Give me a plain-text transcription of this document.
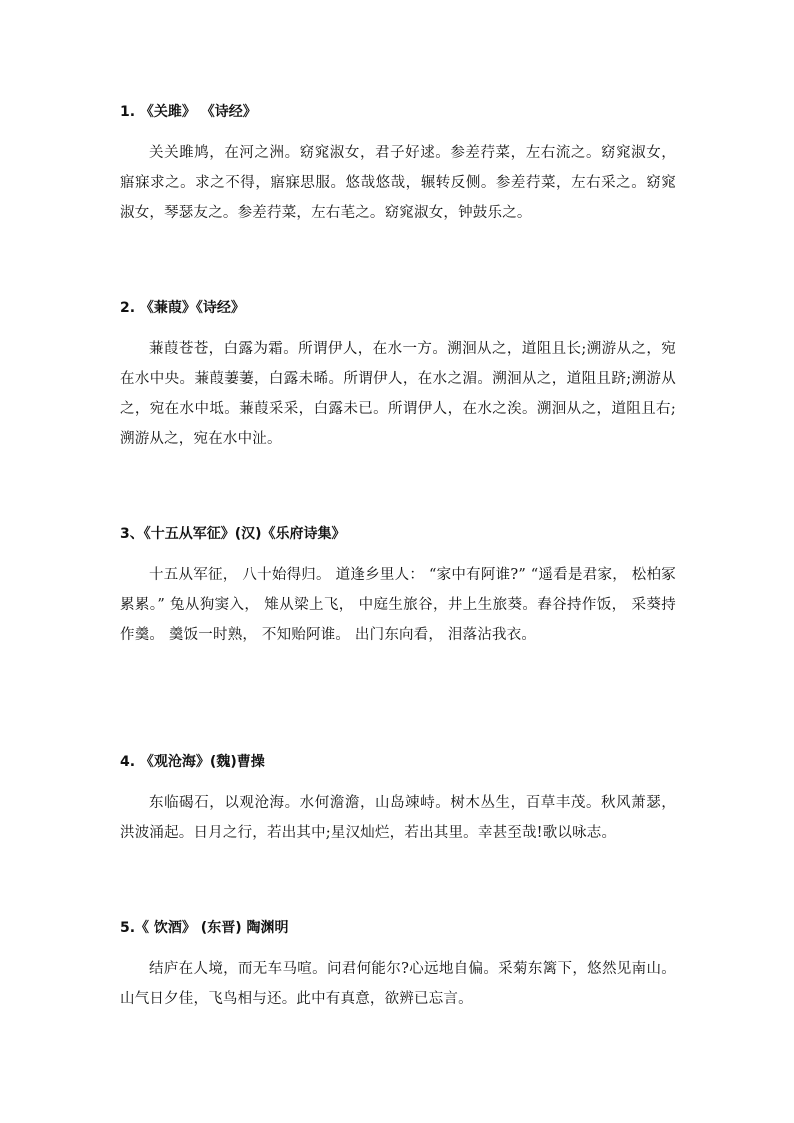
1. 《关雎》 《诗经》

关关雎鸠，在河之洲。窈窕淑女，君子好逑。参差荇菜，左右流之。窈窕淑女，寤寐求之。求之不得，寤寐思服。悠哉悠哉，辗转反侧。参差荇菜，左右采之。窈窕淑女，琴瑟友之。参差荇菜，左右芼之。窈窕淑女，钟鼓乐之。

2. 《蒹葭》《诗经》

蒹葭苍苍，白露为霜。所谓伊人，在水一方。溯洄从之，道阻且长;溯游从之，宛在水中央。蒹葭萋萋，白露未晞。所谓伊人，在水之湄。溯洄从之，道阻且跻;溯游从之，宛在水中坻。蒹葭采采，白露未已。所谓伊人，在水之涘。溯洄从之，道阻且右;溯游从之，宛在水中沚。

3、《十五从军征》(汉)《乐府诗集》

十五从军征， 八十始得归。 道逢乡里人： “家中有阿谁?” “遥看是君家， 松柏冢累累。” 兔从狗窦入， 雉从梁上飞， 中庭生旅谷，井上生旅葵。舂谷持作饭， 采葵持作羹。 羹饭一时熟， 不知贻阿谁。 出门东向看， 泪落沾我衣。

4. 《观沧海》(魏)曹操

东临碣石，以观沧海。水何澹澹，山岛竦峙。树木丛生，百草丰茂。秋风萧瑟，洪波涌起。日月之行，若出其中;星汉灿烂，若出其里。幸甚至哉!歌以咏志。

5.《 饮酒》 (东晋) 陶渊明

结庐在人境，而无车马喧。问君何能尔?心远地自偏。采菊东篱下，悠然见南山。山气日夕佳，飞鸟相与还。此中有真意，欲辨已忘言。
